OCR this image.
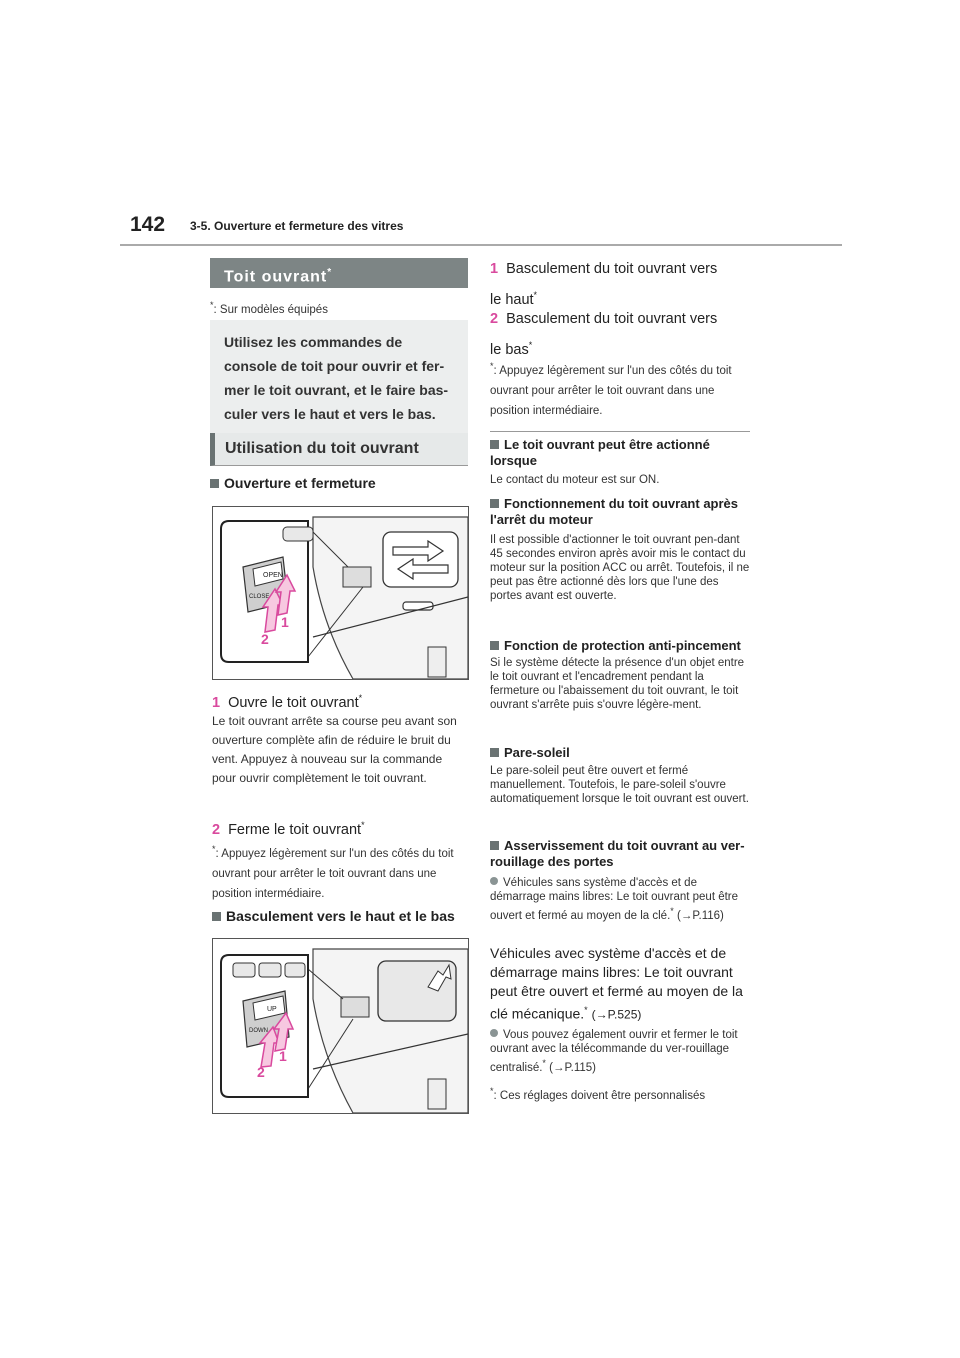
142 3-5. Ouverture et fermeture des vitres
Toit ouvrant*
*: Sur modèles équipés
Utilisez les commandes de console de toit pour ouvrir et fer-mer le toit ouvrant, et le faire bas-culer vers le haut et vers le bas.
Utilisation du toit ouvrant
Ouverture et fermeture
OPEN
CLOSE
1
2
1 Ouvre le toit ouvrant*
Le toit ouvrant arrête sa course peu avant son ouverture complète afin de réduire le bruit du vent. Appuyez à nouveau sur la commande pour ouvrir complètement le toit ouvrant.
2 Ferme le toit ouvrant*
*: Appuyez légèrement sur l'un des côtés du toit ouvrant pour arrêter le toit ouvrant dans une position intermédiaire.
Basculement vers le haut et le bas
UP
DOWN
1
2
1 Basculement du toit ouvrant vers le haut*
2 Basculement du toit ouvrant vers le bas*
*: Appuyez légèrement sur l'un des côtés du toit ouvrant pour arrêter le toit ouvrant dans une position intermédiaire.
Le toit ouvrant peut être actionné lorsque
Le contact du moteur est sur ON.
Fonctionnement du toit ouvrant après l'arrêt du moteur
Il est possible d'actionner le toit ouvrant pen-dant 45 secondes environ après avoir mis le contact du moteur sur la position ACC ou arrêt. Toutefois, il ne peut pas être actionné dès lors que l'une des portes avant est ouverte.
Fonction de protection anti-pincement
Si le système détecte la présence d'un objet entre le toit ouvrant et l'encadrement pendant la fermeture ou l'abaissement du toit ouvrant, le toit ouvrant s'arrête puis s'ouvre légère-ment.
Pare-soleil
Le pare-soleil peut être ouvert et fermé manuellement. Toutefois, le pare-soleil s'ouvre automatiquement lorsque le toit ouvrant est ouvert.
Asservissement du toit ouvrant au ver-rouillage des portes
Véhicules sans système d'accès et de démarrage mains libres: Le toit ouvrant peut être ouvert et fermé au moyen de la clé.* (→P.116)
Véhicules avec système d'accès et de démarrage mains libres: Le toit ouvrant peut être ouvert et fermé au moyen de la clé mécanique.* (→P.525)
Vous pouvez également ouvrir et fermer le toit ouvrant avec la télécommande du ver-rouillage centralisé.* (→P.115)
*: Ces réglages doivent être personnalisés
